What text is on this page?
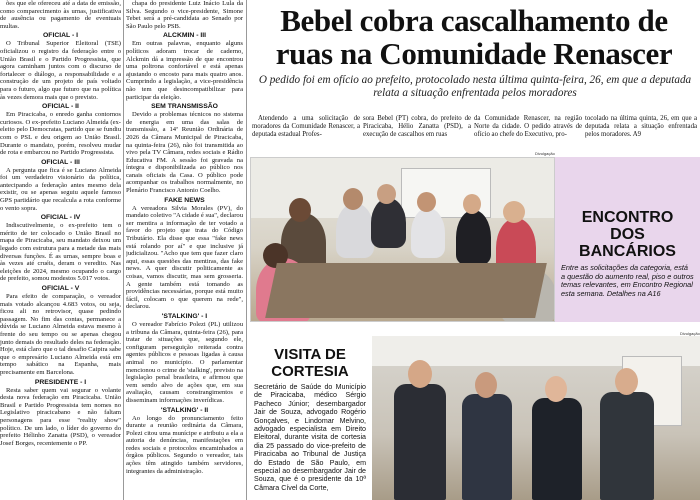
ões que ele ofereceu até a data de emissão, como comparecimento às urnas, justificativa de ausência ou pagamento de eventuais multas.

OFICIAL - I

O Tribunal Superior Eleitoral (TSE) oficializou o registro da federação entre o União Brasil e o Partido Progressista, que agora caminham juntos com o discurso de fortalecer o diálogo, a responsabilidade e a construção de um projeto de país voltado para o futuro, algo que futuro que na política às vezes demora mais que o previsto.

OFICIAL - II

Em Piracicaba, o enredo ganha contornos curiosos. O ex-prefeito Luciano Almeida (ex-eleito pelo Democratas, partido que se fundiu com o PSL e deu origem ao União Brasil. Durante o mandato, porém, resolveu mudar de rota e embarcou no Partido Progressista.

OFICIAL - III

A pergunta que fica é se Luciano Almeida foi um verdadeiro visionário da política, antecipando a federação antes mesmo dela existir, ou se apenas seguiu aquele famoso GPS partidário que recalcula a rota conforme o vento sopra.

OFICIAL - IV

Indiscutivelmente, o ex-prefeito tem o mérito de ter colocado o União Brasil no mapa de Piracicaba, seu mandato deixou um legado com estrutura para a metade das mais diversas funções. É as urnas, sempre boas e às vezes até cruéis, deram o veredito. Nas eleições de 2024, mesmo ocupando o cargo de prefeito, somou modestos 5.017 votos.

OFICIAL - V

Para efeito de comparação, o vereador mais votado alcançou 4.683 votos, ou seja, ficou ali no retrovisor, quase pedindo passagem. No fim das contas, permanece a dúvida se Luciano Almeida estava mesmo à frente do seu tempo ou se apenas chegou junto demais do resultado deles na federação. Hoje, está claro que o tal desafio Caipira sabe que o empresário Luciano Almeida está em tempo sabático na Espanha, mais precisamente em Barcelona.

PRESIDENTE - I

Resta saber quem vai segurar o volante desta nova federação em Piracicaba. União Brasil e Partido Progressista tem nomes no Legislativo piracicabano e não faltam personagens para esse "reality show" político. De um lado, o líder do governo do prefeito Hélinho Zanatta (PSD), o vereador Josef Borges, recentemente o PP.

chapa do presidente Luiz Inácio Lula da Silva. Segundo o vice-presidente, Simone Tebet será a pré-candidata ao Senado por São Paulo pelo PSB.

ALCKMIN - III

Em outras palavras, enquanto alguns políticos adoram trocar de caderno, Alckmin dá a impressão de que encontrou uma poltrona confortável e está apenas ajustando o encosto para mais quatro anos. Cumprindo a legislação, a vice-presidência não tem que desincompatibilizar para participar da eleição.

SEM TRANSMISSÃO

Devido a problemas técnicos no sistema de energia em uma das salas de transmissão, a 14ª Reunião Ordinária de 2026 da Câmara Municipal de Piracicaba, na quinta-feira (26), não foi transmitida ao vivo pela TV Câmara, redes sociais e Rádio Educativa FM. A sessão foi gravada na íntegra e disponibilizada ao público nos canais oficiais da Casa. O público pode acompanhar os trabalhos normalmente, no Plenário Francisco Antonio Coelho.

FAKE NEWS

A vereadora Silvia Morales (PV), do mandato coletivo "A cidade é sua", declarou ser mentira a informação de ter votado a favor do projeto que trata do Código Tributário. Ela disse que essa "fake news está rolando por aí" e que inclusive já judicializou. "Acho que tem que fazer claro aqui, essas questões das mentiras, das fake news. A quer discutir politicamente as coisas, vamos discutir, mas sem grosseria. A gente também está tomando as providências necessárias, porque está muito fácil, colocam o que querem na rede", declarou.

'STALKING' - I

O vereador Fabrício Polezi (PL) utilizou a tribuna da Câmara, quinta-feira (26), para tratar de situações que, segundo ele, configuram perseguição reiterada contra agentes públicos e pessoas ligadas à causa animal no município. O parlamentar mencionou o crime de 'stalking', previsto na legislação penal brasileira, e afirmou que vem sendo alvo de ações que, em sua avaliação, causam constrangimentos e disseminam informações inverídicas.

'STALKING' - II

Ao longo do pronunciamento feito durante a reunião ordinária da Câmara, Polezi citou uma munícipe e atribuiu a ela a autoria de denúncias, manifestações em redes sociais e protocolos encaminhados a órgãos públicos. Segundo o vereador, tais ações têm atingido também servidores, integrantes da administração.

Bebel cobra cascalhamento de ruas na Comunidade Renascer
O pedido foi em ofício ao prefeito, protocolado nesta última quinta-feira, 26, em que a deputada relata a situação enfrentada pelos moradores

Atendendo a uma solicitação de moradores da Comunidade Renascer, a deputada estadual Profes-

sora Bebel (PT) cobra, do prefeito de Piracicaba, Hélio Zanatta (PSD), a execução de cascalhos em ruas

da Comunidade Renascer, na região Norte da cidade. O pedido através de ofício ao chefe do Executivo, pro-

tocolado na última quinta, 26, em que a deputada relata a situação enfrentada pelos moradores. A9

Divulgação
ENCONTRO
DOS
BANCÁRIOS
Entre as solicitações da categoria, está a questão do aumento real, piso e outros temas relevantes, em Encontro Regional esta semana. Detalhes na A16
Divulgação
VISITA DE
CORTESIA
Secretário de Saúde do Município de Piracicaba, médico Sérgio Pacheco Júnior; desembargador Jair de Souza, advogado Rogério Gonçalves, e Lindomar Melvino, advogado especialista em Direito Eleitoral, durante visita de cortesia dia 25 passado do vice-prefeito de Piracicaba ao Tribunal de Justiça do Estado de São Paulo, em especial ao desembargador Jair de Souza, que é o presidente da 10ª Câmara Cível da Corte,
